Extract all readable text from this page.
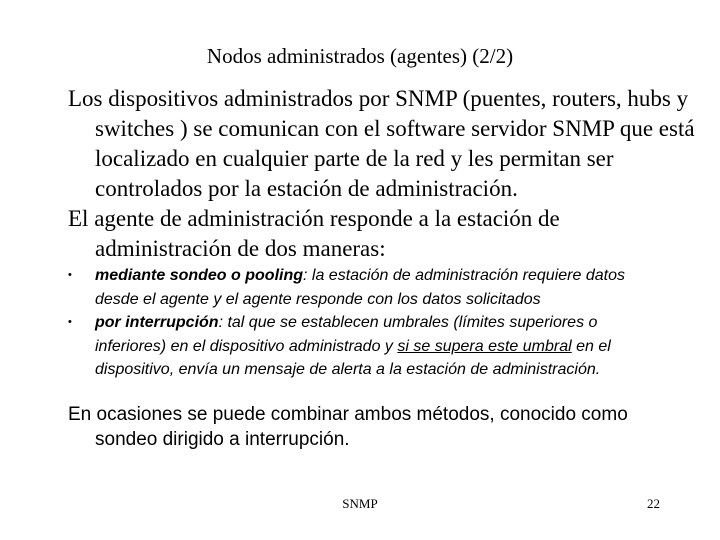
Nodos administrados (agentes) (2/2)
Los dispositivos administrados por SNMP (puentes, routers, hubs y switches ) se comunican con el software servidor SNMP que está localizado en cualquier parte de la red y les permitan ser controlados por la estación de administración.
El agente de administración responde a la estación de administración de dos maneras:
• mediante sondeo o pooling: la estación de administración requiere datos desde el agente y el agente responde con los datos solicitados
• por interrupción: tal que se establecen umbrales (límites superiores o inferiores) en el dispositivo administrado y si se supera este umbral en el dispositivo, envía un mensaje de alerta a la estación de administración.
En ocasiones se puede combinar ambos métodos, conocido como sondeo dirigido a interrupción.
SNMP	22
